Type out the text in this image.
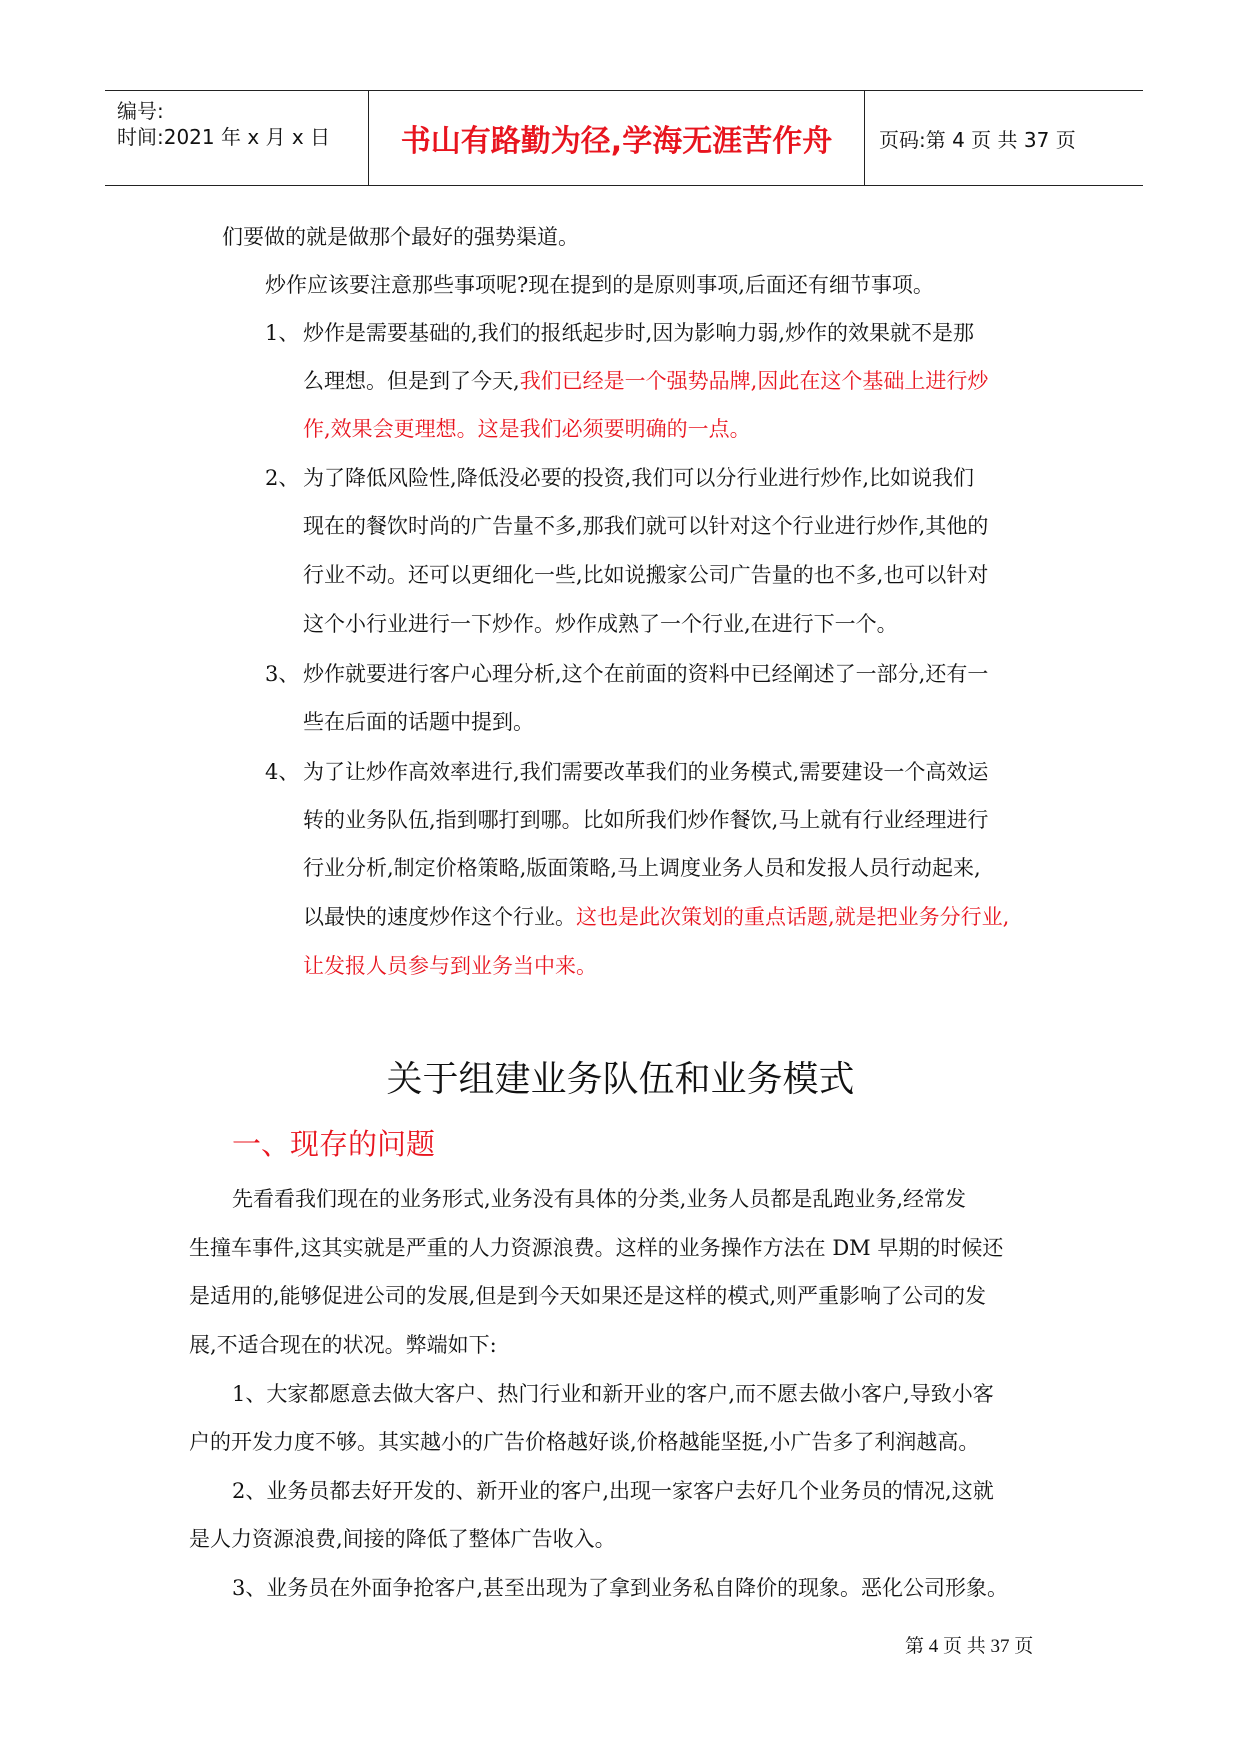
编号:
时间:2021 年 x 月 x 日 书山有路勤为径,学海无涯苦作舟 页码:第 4 页 共 37 页
们要做的就是做那个最好的强势渠道。
炒作应该要注意那些事项呢?现在提到的是原则事项,后面还有细节事项。
1、 炒作是需要基础的,我们的报纸起步时,因为影响力弱,炒作的效果就不是那
么理想。但是到了今天,我们已经是一个强势品牌,因此在这个基础上进行炒
作,效果会更理想。这是我们必须要明确的一点。
2、 为了降低风险性,降低没必要的投资,我们可以分行业进行炒作,比如说我们
现在的餐饮时尚的广告量不多,那我们就可以针对这个行业进行炒作,其他的
行业不动。还可以更细化一些,比如说搬家公司广告量的也不多,也可以针对
这个小行业进行一下炒作。炒作成熟了一个行业,在进行下一个。
3、 炒作就要进行客户心理分析,这个在前面的资料中已经阐述了一部分,还有一
些在后面的话题中提到。
4、 为了让炒作高效率进行,我们需要改革我们的业务模式,需要建设一个高效运
转的业务队伍,指到哪打到哪。比如所我们炒作餐饮,马上就有行业经理进行
行业分析,制定价格策略,版面策略,马上调度业务人员和发报人员行动起来,
以最快的速度炒作这个行业。这也是此次策划的重点话题,就是把业务分行业,
让发报人员参与到业务当中来。
关于组建业务队伍和业务模式
一、现存的问题
先看看我们现在的业务形式,业务没有具体的分类,业务人员都是乱跑业务,经常发
生撞车事件,这其实就是严重的人力资源浪费。这样的业务操作方法在 DM 早期的时候还
是适用的,能够促进公司的发展,但是到今天如果还是这样的模式,则严重影响了公司的发
展,不适合现在的状况。弊端如下:
1、大家都愿意去做大客户、热门行业和新开业的客户,而不愿去做小客户,导致小客
户的开发力度不够。其实越小的广告价格越好谈,价格越能坚挺,小广告多了利润越高。
2、业务员都去好开发的、新开业的客户,出现一家客户去好几个业务员的情况,这就
是人力资源浪费,间接的降低了整体广告收入。
3、业务员在外面争抢客户,甚至出现为了拿到业务私自降价的现象。恶化公司形象。
第 4 页 共 37 页
